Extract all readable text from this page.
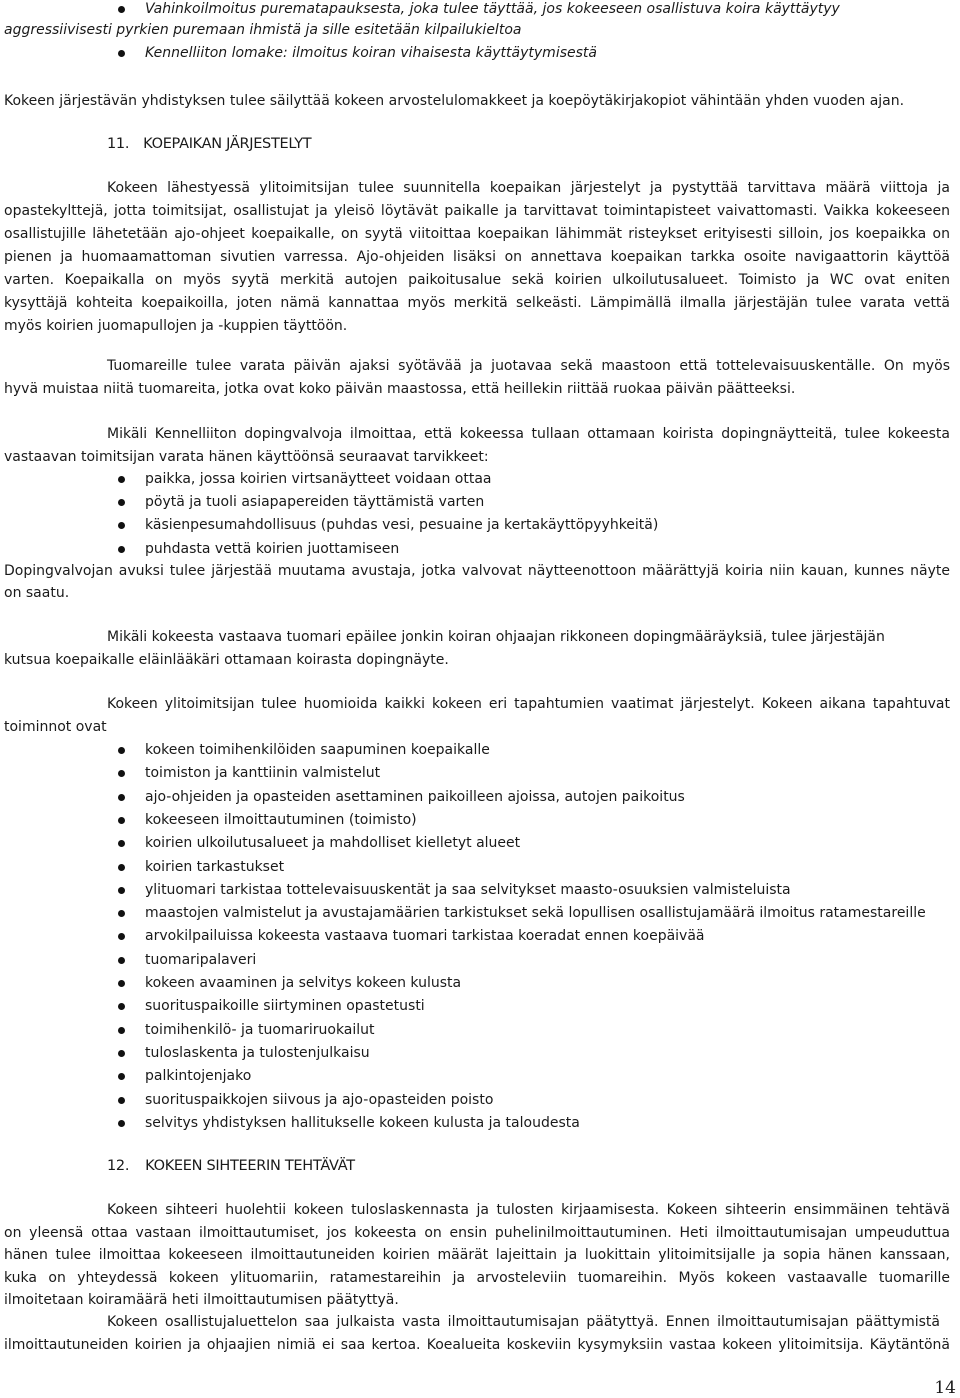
Vahinkoilmoitus purematapauksesta, joka tulee täyttää, jos kokeeseen osallistuva koira käyttäytyy
aggressiivisesti pyrkien puremaan ihmistä ja sille esitetään kilpailukieltoa
Kennelliiton lomake: ilmoitus koiran vihaisesta käyttäytymisestä
Kokeen järjestävän yhdistyksen tulee säilyttää kokeen arvostelulomakkeet ja koepöytäkirjakopiot vähintään yhden vuoden ajan.
11. KOEPAIKAN JÄRJESTELYT
Kokeen lähestyessä ylitoimitsijan tulee suunnitella koepaikan järjestelyt ja pystyttää tarvittava määrä viittoja ja
opastekylttejä, jotta toimitsijat, osallistujat ja yleisö löytävät paikalle ja tarvittavat toimintapisteet vaivattomasti. Vaikka kokeeseen
osallistujille lähetetään ajo-ohjeet koepaikalle, on syytä viitoittaa koepaikan lähimmät risteykset erityisesti silloin, jos koepaikka on
pienen ja huomaamattoman sivutien varressa. Ajo-ohjeiden lisäksi on annettava koepaikan tarkka osoite navigaattorin käyttöä
varten. Koepaikalla on myös syytä merkitä autojen paikoitusalue sekä koirien ulkoilutusalueet. Toimisto ja WC ovat eniten
kysyttäjä kohteita koepaikoilla, joten nämä kannattaa myös merkitä selkeästi. Lämpimällä ilmalla järjestäjän tulee varata vettä
myös koirien juomapullojen ja -kuppien täyttöön.
Tuomareille tulee varata päivän ajaksi syötävää ja juotavaa sekä maastoon että tottelevaisuuskentälle. On myös
hyvä muistaa niitä tuomareita, jotka ovat koko päivän maastossa, että heillekin riittää ruokaa päivän päätteeksi.
Mikäli Kennelliiton dopingvalvoja ilmoittaa, että kokeessa tullaan ottamaan koirista dopingnäytteitä, tulee kokeesta
vastaavan toimitsijan varata hänen käyttöönsä seuraavat tarvikkeet:
paikka, jossa koirien virtsanäytteet voidaan ottaa
pöytä ja tuoli asiapapereiden täyttämistä varten
käsienpesumahdollisuus (puhdas vesi, pesuaine ja kertakäyttöpyyhkeitä)
puhdasta vettä koirien juottamiseen
Dopingvalvojan avuksi tulee järjestää muutama avustaja, jotka valvovat näytteenottoon määrättyjä koiria niin kauan, kunnes näyte
on saatu.
Mikäli kokeesta vastaava tuomari epäilee jonkin koiran ohjaajan rikkoneen dopingmääräyksiä, tulee järjestäjän
kutsua koepaikalle eläinlääkäri ottamaan koirasta dopingnäyte.
Kokeen ylitoimitsijan tulee huomioida kaikki kokeen eri tapahtumien vaatimat järjestelyt. Kokeen aikana tapahtuvat
toiminnot ovat
kokeen toimihenkilöiden saapuminen koepaikalle
toimiston ja kanttiinin valmistelut
ajo-ohjeiden ja opasteiden asettaminen paikoilleen ajoissa, autojen paikoitus
kokeeseen ilmoittautuminen (toimisto)
koirien ulkoilutusalueet ja mahdolliset kielletyt alueet
koirien tarkastukset
ylituomari tarkistaa tottelevaisuuskentät ja saa selvitykset maasto-osuuksien valmisteluista
maastojen valmistelut ja avustajamäärien tarkistukset sekä lopullisen osallistujamäärä ilmoitus ratamestareille
arvokilpailuissa kokeesta vastaava tuomari tarkistaa koeradat ennen koepäivää
tuomaripalaveri
kokeen avaaminen ja selvitys kokeen kulusta
suorituspaikoille siirtyminen opastetusti
toimihenkilö- ja tuomariruokailut
tuloslaskenta ja tulostenjulkaisu
palkintojenjako
suorituspaikkojen siivous ja ajo-opasteiden poisto
selvitys yhdistyksen hallitukselle kokeen kulusta ja taloudesta
12. KOKEEN SIHTEERIN TEHTÄVÄT
Kokeen sihteeri huolehtii kokeen tuloslaskennasta ja tulosten kirjaamisesta. Kokeen sihteerin ensimmäinen tehtävä
on yleensä ottaa vastaan ilmoittautumiset, jos kokeesta on ensin puhelinilmoittautuminen. Heti ilmoittautumisajan umpeuduttua
hänen tulee ilmoittaa kokeeseen ilmoittautuneiden koirien määrät lajeittain ja luokittain ylitoimitsijalle ja sopia hänen kanssaan,
kuka on yhteydessä kokeen ylituomariin, ratamestareihin ja arvosteleviin tuomareihin. Myös kokeen vastaavalle tuomarille
ilmoitetaan koiramäärä heti ilmoittautumisen päätyttyä.
Kokeen osallistujaluettelon saa julkaista vasta ilmoittautumisajan päätyttyä. Ennen ilmoittautumisajan päättymistä
ilmoittautuneiden koirien ja ohjaajien nimiä ei saa kertoa. Koealueita koskeviin kysymyksiin vastaa kokeen ylitoimitsija. Käytäntönä
14
